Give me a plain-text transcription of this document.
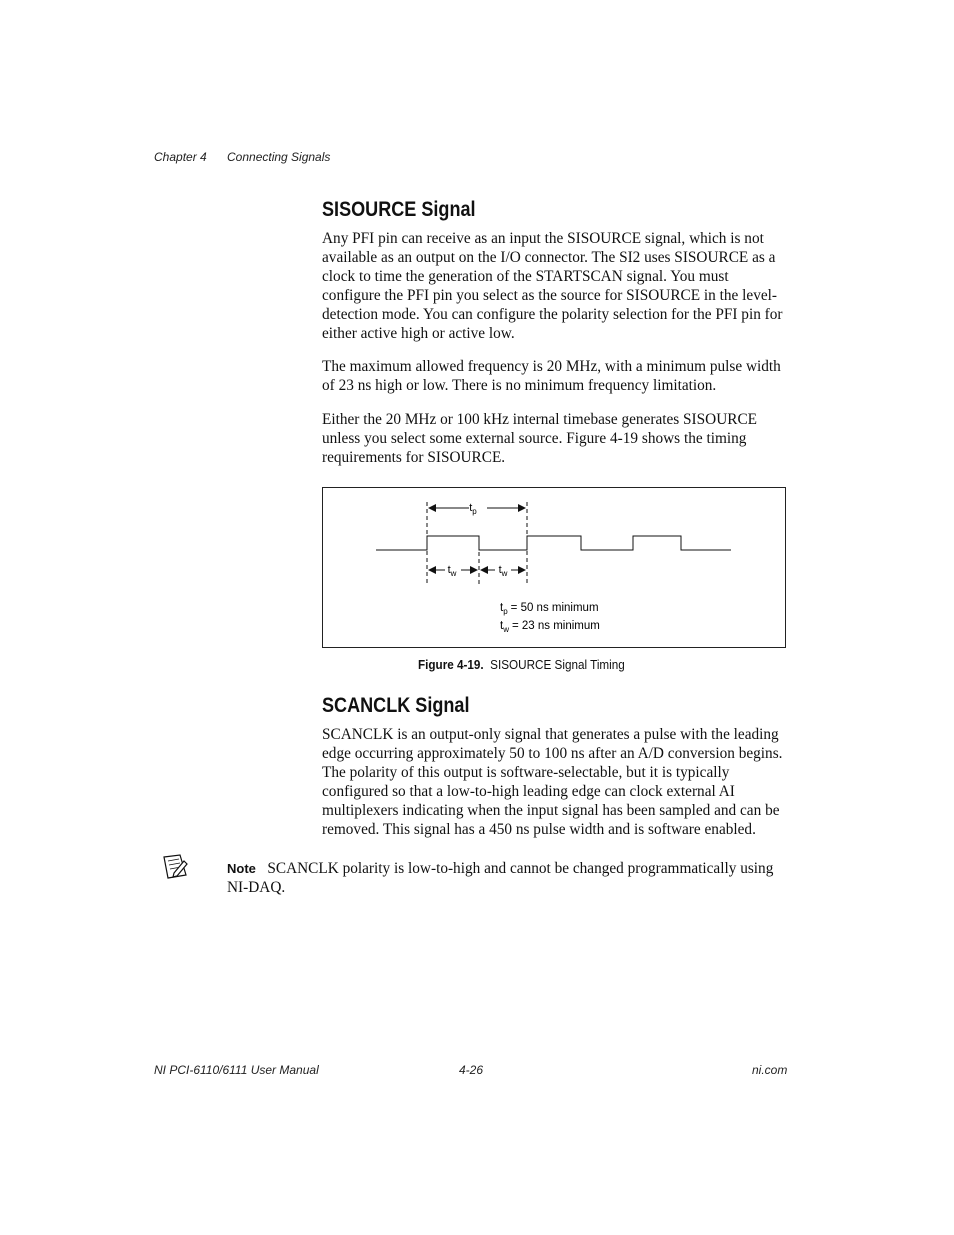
Chapter 4 Connecting Signals
SISOURCE Signal

Any PFI pin can receive as an input the SISOURCE signal, which is not available as an output on the I/O connector. The SI2 uses SISOURCE as a clock to time the generation of the STARTSCAN signal. You must configure the PFI pin you select as the source for SISOURCE in the level-detection mode. You can configure the polarity selection for the PFI pin for either active high or active low.

The maximum allowed frequency is 20 MHz, with a minimum pulse width of 23 ns high or low. There is no minimum frequency limitation.

Either the 20 MHz or 100 kHz internal timebase generates SISOURCE unless you select some external source. Figure 4-19 shows the timing requirements for SISOURCE.

$t_p$
$t_w$	$t_w$
$t_p = 50$ ns minimum
$t_w = 23$ ns minimum
Figure 4-19. SISOURCE Signal Timing
SCANCLK Signal

SCANCLK is an output-only signal that generates a pulse with the leading edge occurring approximately 50 to 100 ns after an A/D conversion begins. The polarity of this output is software-selectable, but it is typically configured so that a low-to-high leading edge can clock external AI multiplexers indicating when the input signal has been sampled and can be removed. This signal has a 450 ns pulse width and is software enabled.

Note SCANCLK polarity is low-to-high and cannot be changed programmatically using NI-DAQ.
NI PCI-6110/6111 User Manual	4-26	ni.com
